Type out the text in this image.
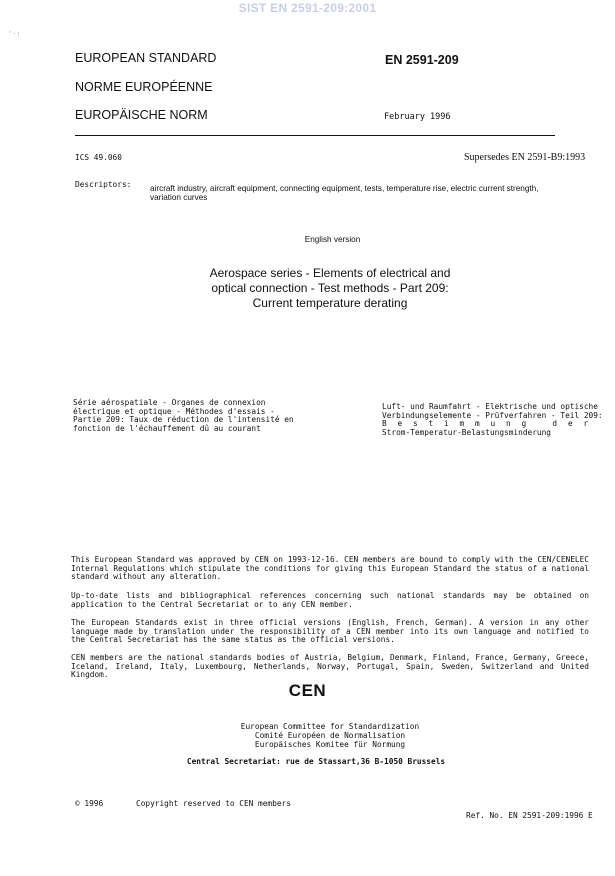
SIST EN 2591-209:2001
'·:
EUROPEAN STANDARD
NORME EUROPÉENNE
EUROPÄISCHE NORM
EN 2591-209
February 1996
ICS 49.060	Supersedes EN 2591-B9:1993
Descriptors: aircraft industry, aircraft equipment, connecting equipment, tests, temperature rise, electric current strength,
variation curves
English version
Aerospace series - Elements of electrical and
optical connection - Test methods - Part 209:
Current temperature derating
Série aérospatiale - Organes de connexion
électrique et optique - Méthodes d'essais -
Partie 209: Taux de réduction de l'intensité en
fonction de l'échauffement dû au courant
Luft- und Raumfahrt - Elektrische und optische
Verbindungselemente - Prüfverfahren - Teil 209:
Bestimmung der
Strom-Temperatur-Belastungsminderung
This European Standard was approved by CEN on 1993-12-16. CEN members are bound to comply with the CEN/CENELEC Internal Regulations which stipulate the conditions for giving this European Standard the status of a national standard without any alteration.
Up-to-date lists and bibliographical references concerning such national standards may be obtained on application to the Central Secretariat or to any CEN member.
The European Standards exist in three official versions (English, French, German). A version in any other language made by translation under the responsibility of a CEN member into its own language and notified to the Central Secretariat has the same status as the official versions.
CEN members are the national standards bodies of Austria, Belgium, Denmark, Finland, France, Germany, Greece, Iceland, Ireland, Italy, Luxembourg, Netherlands, Norway, Portugal, Spain, Sweden, Switzerland and United Kingdom.
CEN
European Committee for Standardization
Comité Européen de Normalisation
Europäisches Komitee für Normung
Central Secretariat: rue de Stassart,36 B-1050 Brussels
© 1996	Copyright reserved to CEN members
Ref. No. EN 2591-209:1996 E
